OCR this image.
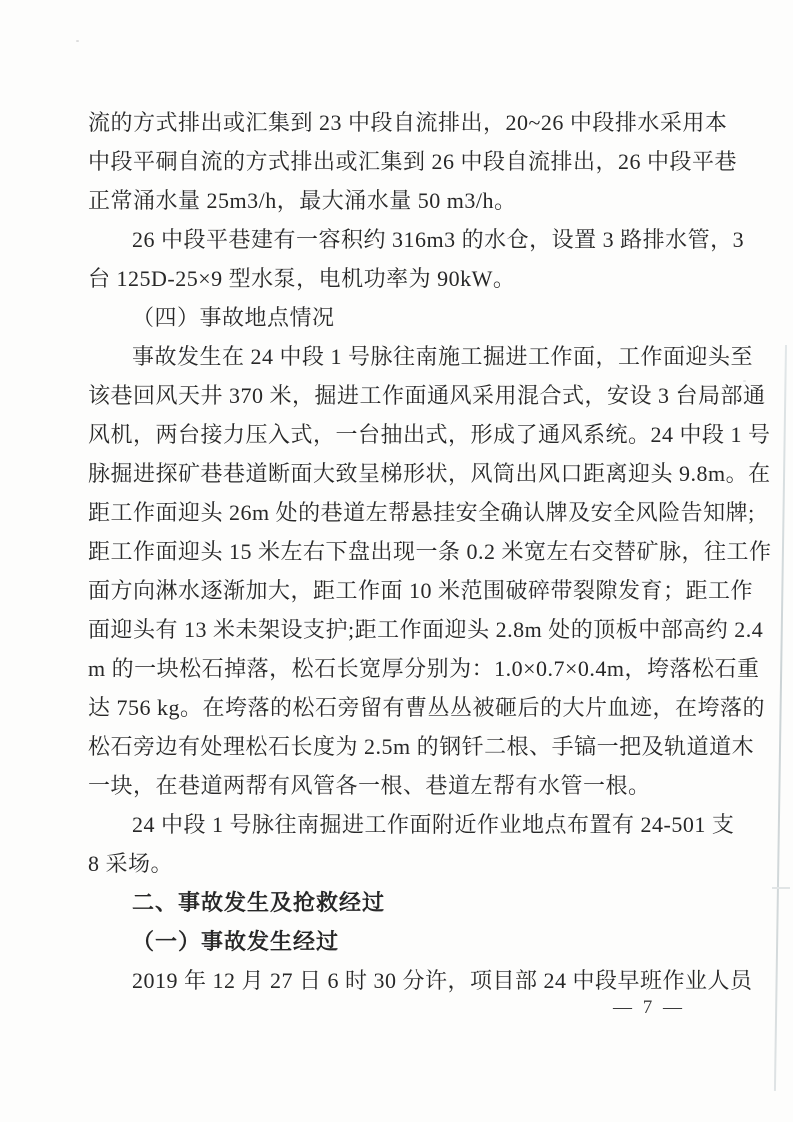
流的方式排出或汇集到 23 中段自流排出，20~26 中段排水采用本
中段平硐自流的方式排出或汇集到 26 中段自流排出，26 中段平巷
正常涌水量 25m3/h，最大涌水量 50 m3/h。
26 中段平巷建有一容积约 316m3 的水仓，设置 3 路排水管，3
台 125D-25×9 型水泵，电机功率为 90kW。
（四）事故地点情况
事故发生在 24 中段 1 号脉往南施工掘进工作面，工作面迎头至
该巷回风天井 370 米，掘进工作面通风采用混合式，安设 3 台局部通
风机，两台接力压入式，一台抽出式，形成了通风系统。24 中段 1 号
脉掘进探矿巷巷道断面大致呈梯形状，风筒出风口距离迎头 9.8m。在
距工作面迎头 26m 处的巷道左帮悬挂安全确认牌及安全风险告知牌;
距工作面迎头 15 米左右下盘出现一条 0.2 米宽左右交替矿脉，往工作
面方向淋水逐渐加大，距工作面 10 米范围破碎带裂隙发育；距工作
面迎头有 13 米未架设支护;距工作面迎头 2.8m 处的顶板中部高约 2.4
m 的一块松石掉落，松石长宽厚分别为：1.0×0.7×0.4m，垮落松石重
达 756 kg。在垮落的松石旁留有曹丛丛被砸后的大片血迹，在垮落的
松石旁边有处理松石长度为 2.5m 的钢钎二根、手镐一把及轨道道木
一块，在巷道两帮有风管各一根、巷道左帮有水管一根。
24 中段 1 号脉往南掘进工作面附近作业地点布置有 24-501 支
8 采场。
二、事故发生及抢救经过
（一）事故发生经过
2019 年 12 月 27 日 6 时 30 分许，项目部 24 中段早班作业人员
— 7 —
